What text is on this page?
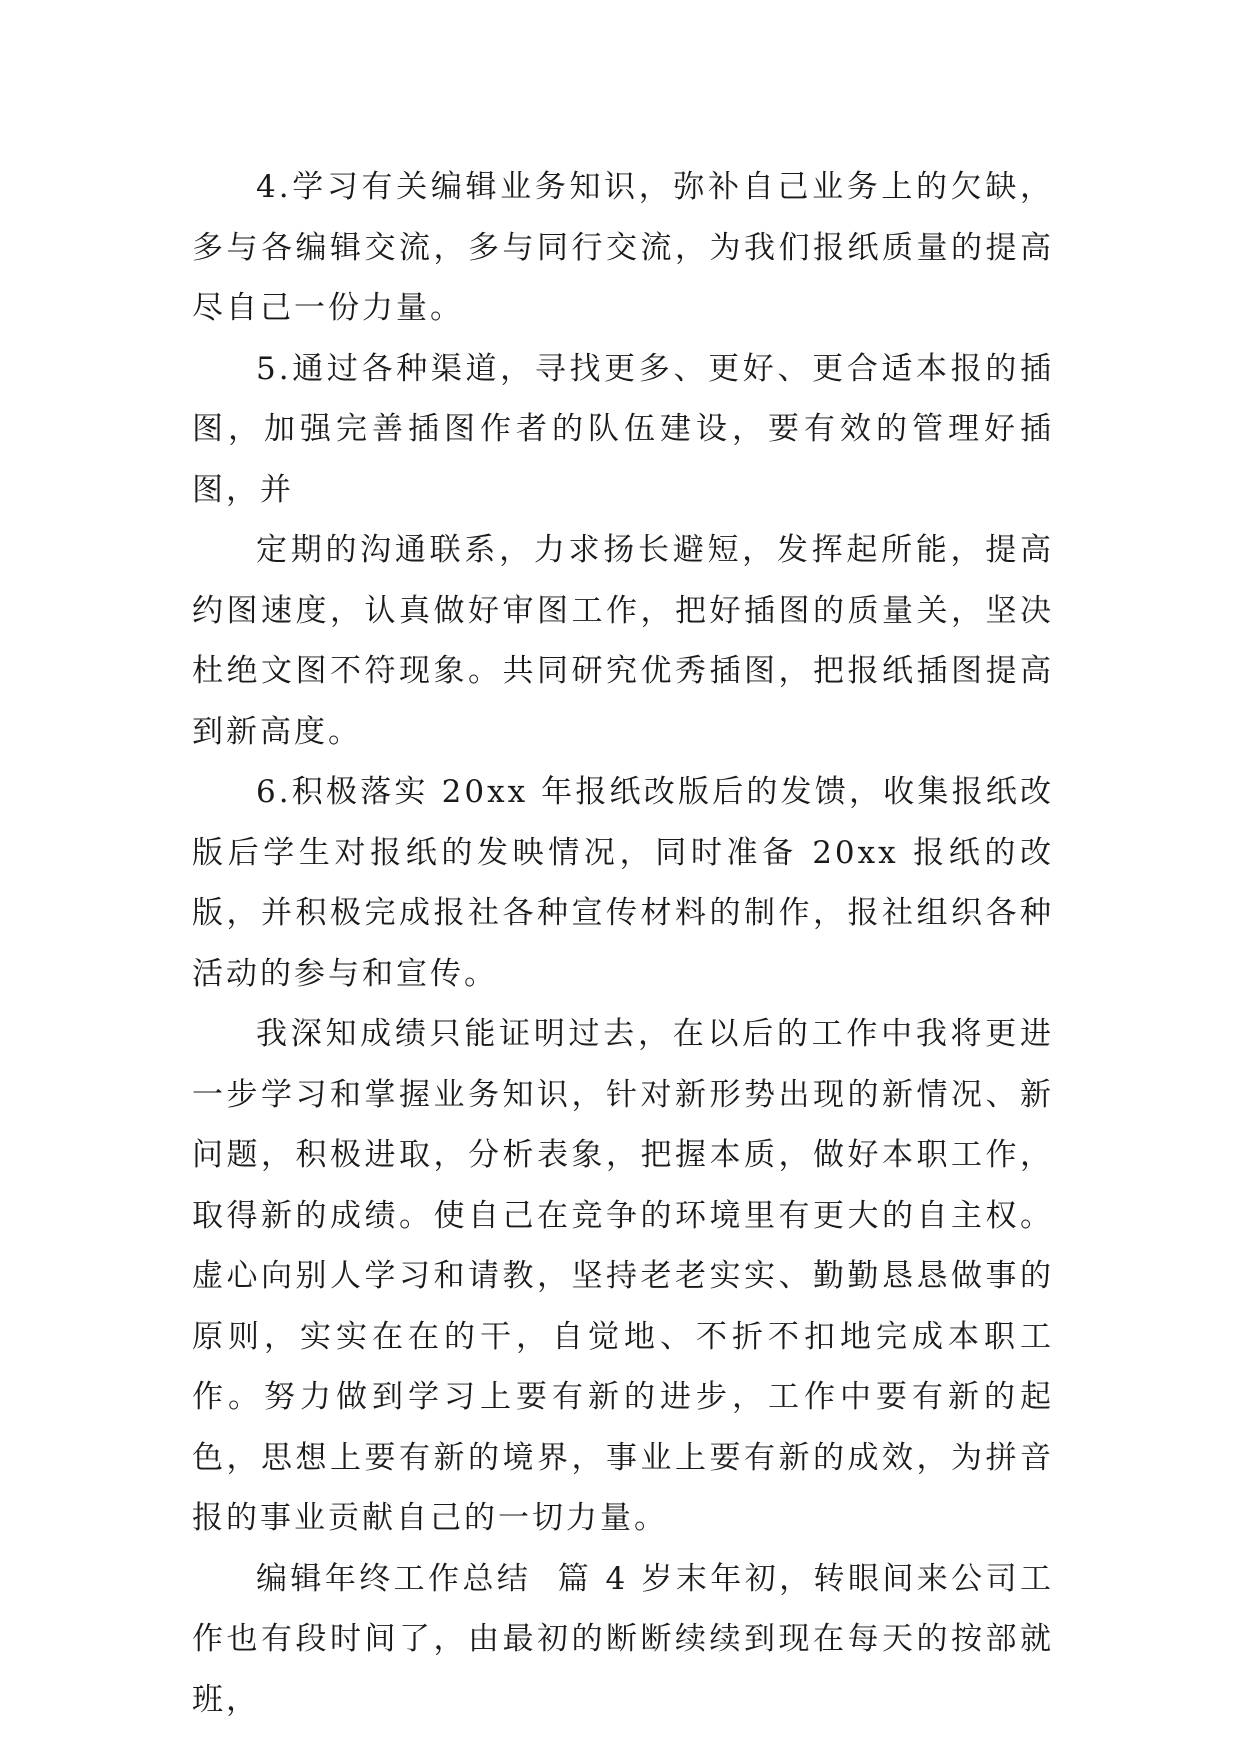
4.学习有关编辑业务知识，弥补自己业务上的欠缺，多与各编辑交流，多与同行交流，为我们报纸质量的提高尽自己一份力量。

5.通过各种渠道，寻找更多、更好、更合适本报的插图，加强完善插图作者的队伍建设，要有效的管理好插图，并

定期的沟通联系，力求扬长避短，发挥起所能，提高约图速度，认真做好审图工作，把好插图的质量关，坚决杜绝文图不符现象。共同研究优秀插图，把报纸插图提高到新高度。

6.积极落实 20xx 年报纸改版后的发馈，收集报纸改版后学生对报纸的发映情况，同时准备 20xx 报纸的改版，并积极完成报社各种宣传材料的制作，报社组织各种活动的参与和宣传。

我深知成绩只能证明过去，在以后的工作中我将更进一步学习和掌握业务知识，针对新形势出现的新情况、新问题，积极进取，分析表象，把握本质，做好本职工作，取得新的成绩。使自己在竞争的环境里有更大的自主权。虚心向别人学习和请教，坚持老老实实、勤勤恳恳做事的原则，实实在在的干，自觉地、不折不扣地完成本职工作。努力做到学习上要有新的进步，工作中要有新的起色，思想上要有新的境界，事业上要有新的成效，为拼音报的事业贡献自己的一切力量。

编辑年终工作总结  篇 4 岁末年初，转眼间来公司工作也有段时间了，由最初的断断续续到现在每天的按部就班，
